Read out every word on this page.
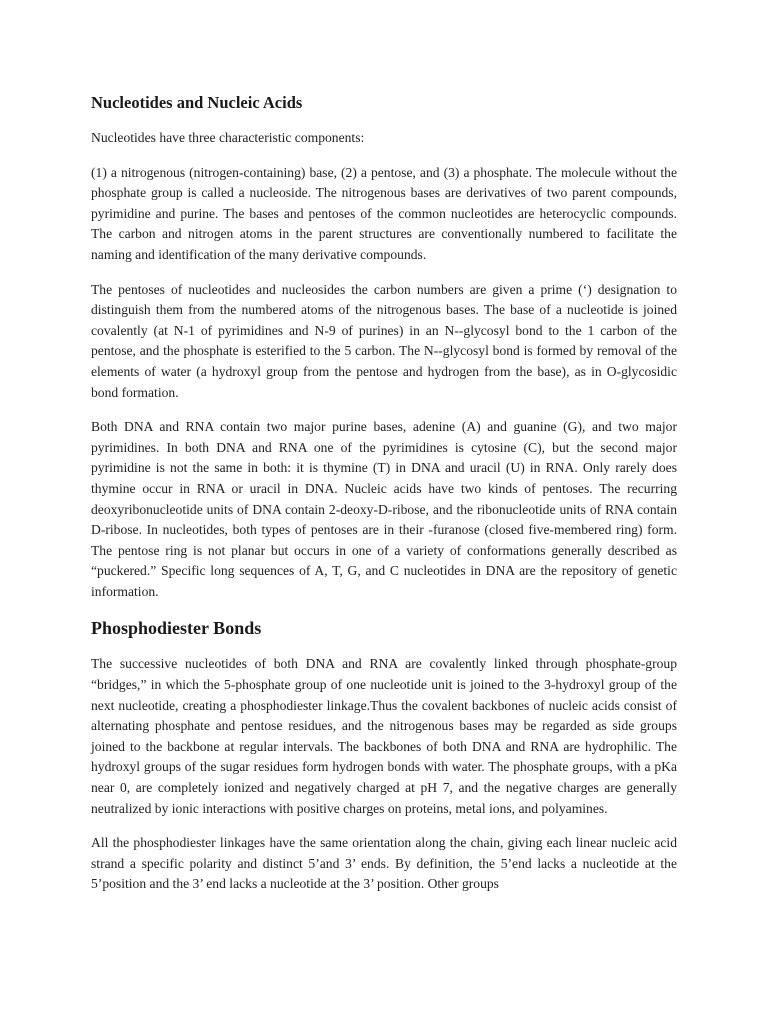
Nucleotides and Nucleic Acids

Nucleotides have three characteristic components:

(1) a nitrogenous (nitrogen-containing) base, (2) a pentose, and (3) a phosphate. The molecule without the phosphate group is called a nucleoside. The nitrogenous bases are derivatives of two parent compounds, pyrimidine and purine. The bases and pentoses of the common nucleotides are heterocyclic compounds. The carbon and nitrogen atoms in the parent structures are conventionally numbered to facilitate the naming and identification of the many derivative compounds.

The pentoses of nucleotides and nucleosides the carbon numbers are given a prime (‘) designation to distinguish them from the numbered atoms of the nitrogenous bases. The base of a nucleotide is joined covalently (at N-1 of pyrimidines and N-9 of purines) in an N--glycosyl bond to the 1 carbon of the pentose, and the phosphate is esterified to the 5 carbon. The N--glycosyl bond is formed by removal of the elements of water (a hydroxyl group from the pentose and hydrogen from the base), as in O-glycosidic bond formation.

Both DNA and RNA contain two major purine bases, adenine (A) and guanine (G), and two major pyrimidines. In both DNA and RNA one of the pyrimidines is cytosine (C), but the second major pyrimidine is not the same in both: it is thymine (T) in DNA and uracil (U) in RNA. Only rarely does thymine occur in RNA or uracil in DNA. Nucleic acids have two kinds of pentoses. The recurring deoxyribonucleotide units of DNA contain 2-deoxy-D-ribose, and the ribonucleotide units of RNA contain D-ribose. In nucleotides, both types of pentoses are in their -furanose (closed five-membered ring) form. The pentose ring is not planar but occurs in one of a variety of conformations generally described as “puckered.” Specific long sequences of A, T, G, and C nucleotides in DNA are the repository of genetic information.

Phosphodiester Bonds

The successive nucleotides of both DNA and RNA are covalently linked through phosphate-group “bridges,” in which the 5-phosphate group of one nucleotide unit is joined to the 3-hydroxyl group of the next nucleotide, creating a phosphodiester linkage.Thus the covalent backbones of nucleic acids consist of alternating phosphate and pentose residues, and the nitrogenous bases may be regarded as side groups joined to the backbone at regular intervals. The backbones of both DNA and RNA are hydrophilic. The hydroxyl groups of the sugar residues form hydrogen bonds with water. The phosphate groups, with a pKa near 0, are completely ionized and negatively charged at pH 7, and the negative charges are generally neutralized by ionic interactions with positive charges on proteins, metal ions, and polyamines.

All the phosphodiester linkages have the same orientation along the chain, giving each linear nucleic acid strand a specific polarity and distinct 5’and 3’ ends. By definition, the 5’end lacks a nucleotide at the 5’position and the 3’ end lacks a nucleotide at the 3’ position. Other groups
